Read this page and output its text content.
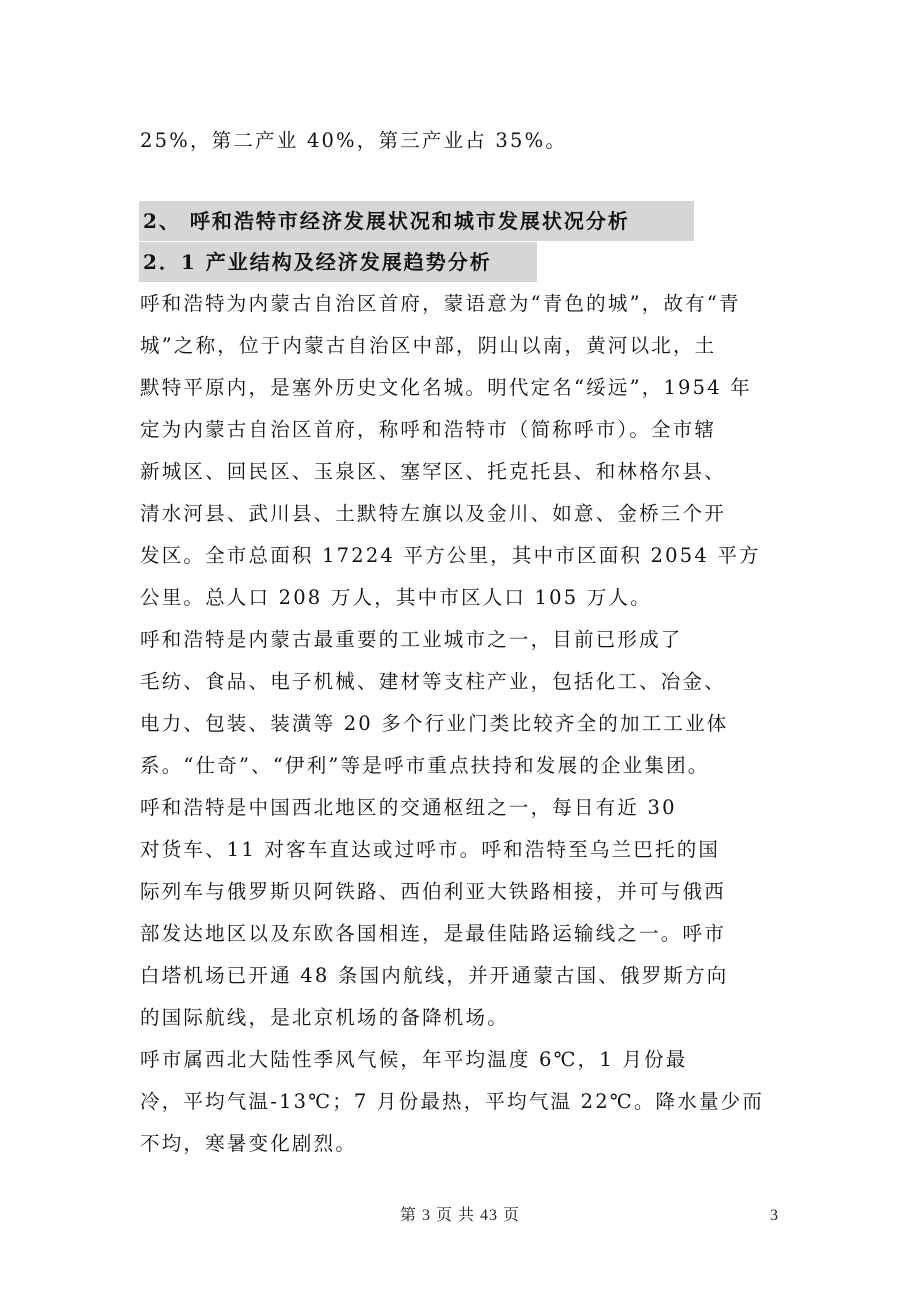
25%，第二产业 40%，第三产业占 35%。
2、 呼和浩特市经济发展状况和城市发展状况分析
2．1 产业结构及经济发展趋势分析
呼和浩特为内蒙古自治区首府，蒙语意为“青色的城”，故有“青
城”之称，位于内蒙古自治区中部，阴山以南，黄河以北，土
默特平原内，是塞外历史文化名城。明代定名“绥远”，1954 年
定为内蒙古自治区首府，称呼和浩特市（简称呼市）。全市辖
新城区、回民区、玉泉区、塞罕区、托克托县、和林格尔县、
清水河县、武川县、土默特左旗以及金川、如意、金桥三个开
发区。全市总面积 17224 平方公里，其中市区面积 2054 平方
公里。总人口 208 万人，其中市区人口 105 万人。
呼和浩特是内蒙古最重要的工业城市之一，目前已形成了
毛纺、食品、电子机械、建材等支柱产业，包括化工、冶金、
电力、包装、装潢等 20 多个行业门类比较齐全的加工工业体
系。“仕奇”、“伊利”等是呼市重点扶持和发展的企业集团。
呼和浩特是中国西北地区的交通枢纽之一，每日有近 30
对货车、11 对客车直达或过呼市。呼和浩特至乌兰巴托的国
际列车与俄罗斯贝阿铁路、西伯利亚大铁路相接，并可与俄西
部发达地区以及东欧各国相连，是最佳陆路运输线之一。呼市
白塔机场已开通 48 条国内航线，并开通蒙古国、俄罗斯方向
的国际航线，是北京机场的备降机场。
呼市属西北大陆性季风气候，年平均温度 6℃，1 月份最
冷，平均气温-13℃；7 月份最热，平均气温 22℃。降水量少而
不均，寒暑变化剧烈。
第 3 页 共 43 页	3
